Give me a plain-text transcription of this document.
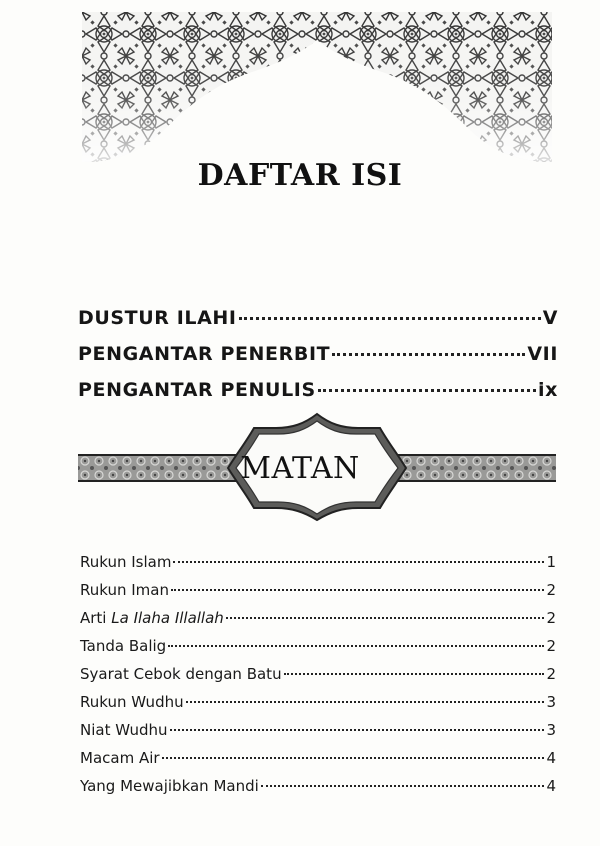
DAFTAR ISI
DUSTUR ILAHI	V
PENGANTAR PENERBIT	VII
PENGANTAR PENULIS	ix
MATAN
Rukun Islam	1
Rukun Iman	2
Arti La Ilaha Illallah	2
Tanda Balig	2
Syarat Cebok dengan Batu	2
Rukun Wudhu	3
Niat Wudhu	3
Macam Air	4
Yang Mewajibkan Mandi	4
